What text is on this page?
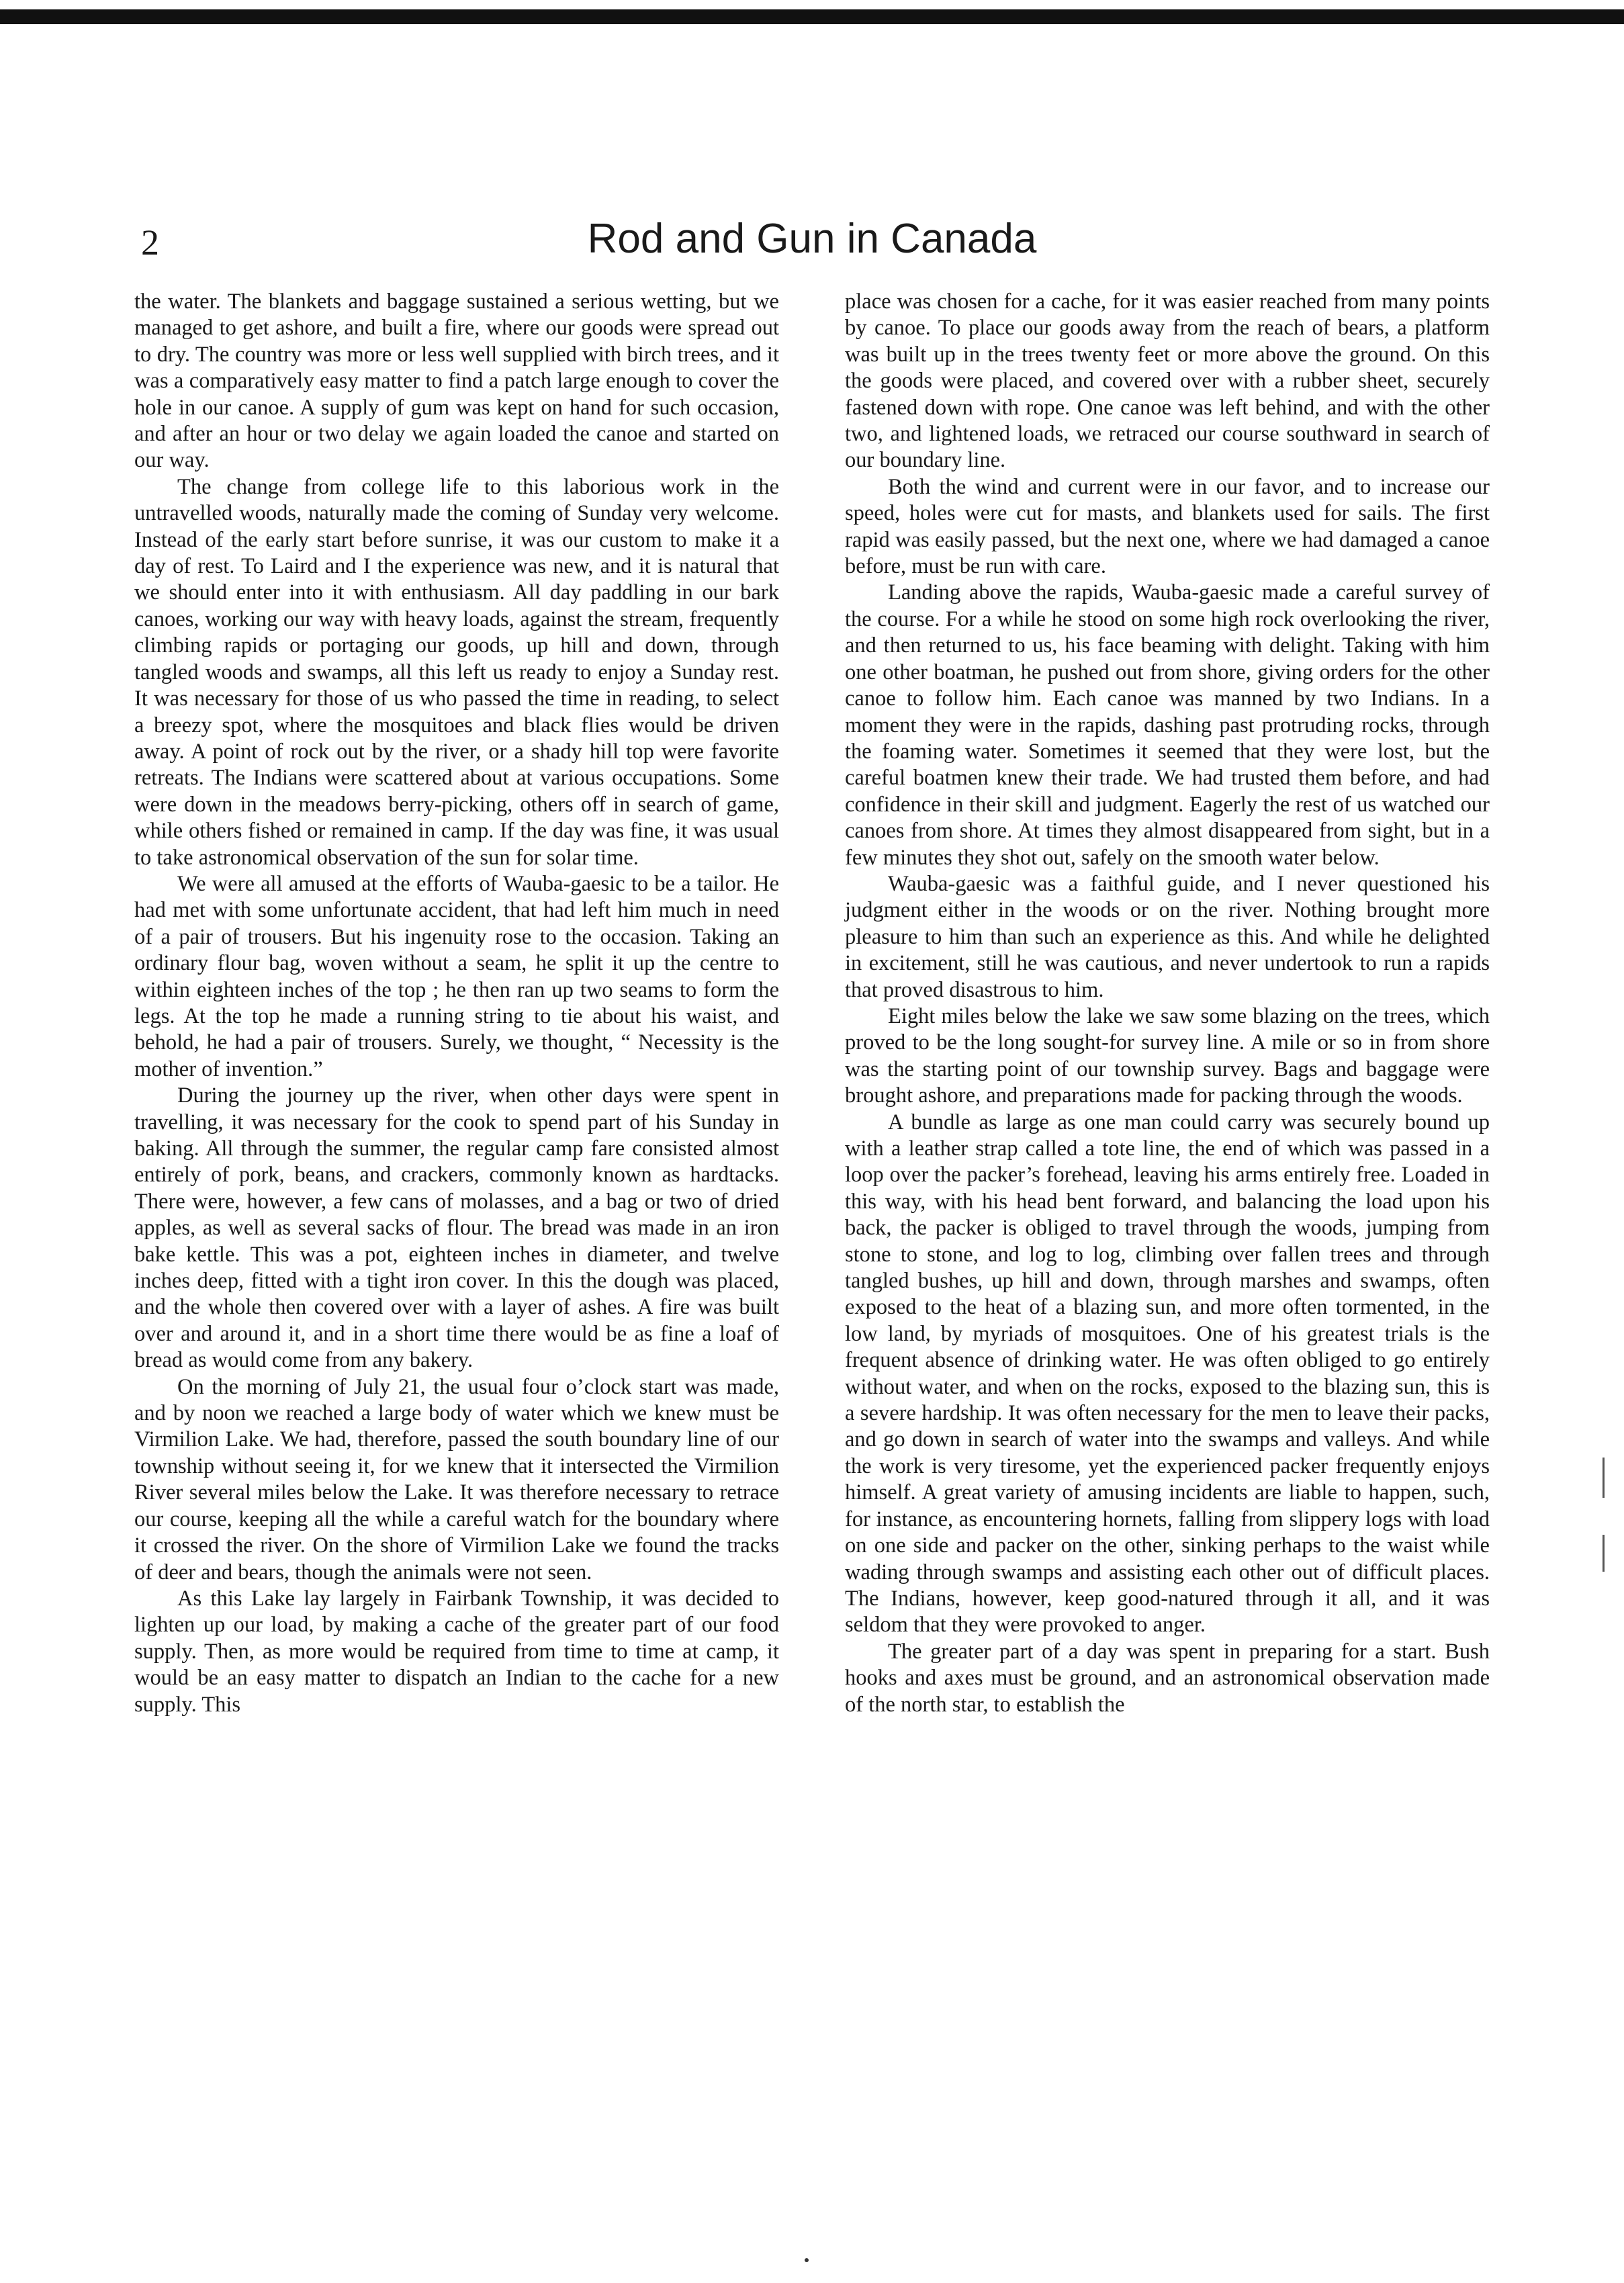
2	Rod and Gun in Canada

the water. The blankets and baggage sustained a serious wetting, but we managed to get ashore, and built a fire, where our goods were spread out to dry. The country was more or less well supplied with birch trees, and it was a comparatively easy matter to find a patch large enough to cover the hole in our canoe. A supply of gum was kept on hand for such occasion, and after an hour or two delay we again loaded the canoe and started on our way.

The change from college life to this laborious work in the untravelled woods, naturally made the coming of Sunday very welcome. Instead of the early start before sunrise, it was our custom to make it a day of rest. To Laird and I the experience was new, and it is natural that we should enter into it with enthusiasm. All day paddling in our bark canoes, working our way with heavy loads, against the stream, frequently climbing rapids or portaging our goods, up hill and down, through tangled woods and swamps, all this left us ready to enjoy a Sunday rest. It was necessary for those of us who passed the time in reading, to select a breezy spot, where the mosquitoes and black flies would be driven away. A point of rock out by the river, or a shady hill top were favorite retreats. The Indians were scattered about at various occupations. Some were down in the meadows berry-picking, others off in search of game, while others fished or remained in camp. If the day was fine, it was usual to take astronomical observation of the sun for solar time.

We were all amused at the efforts of Wauba-gaesic to be a tailor. He had met with some unfortunate accident, that had left him much in need of a pair of trousers. But his ingenuity rose to the occasion. Taking an ordinary flour bag, woven without a seam, he split it up the centre to within eighteen inches of the top ; he then ran up two seams to form the legs. At the top he made a running string to tie about his waist, and behold, he had a pair of trousers. Surely, we thought, “ Necessity is the mother of invention.”

During the journey up the river, when other days were spent in travelling, it was necessary for the cook to spend part of his Sunday in baking. All through the summer, the regular camp fare consisted almost entirely of pork, beans, and crackers, commonly known as hardtacks. There were, however, a few cans of molasses, and a bag or two of dried apples, as well as several sacks of flour. The bread was made in an iron bake kettle. This was a pot, eighteen inches in diameter, and twelve inches deep, fitted with a tight iron cover. In this the dough was placed, and the whole then covered over with a layer of ashes. A fire was built over and around it, and in a short time there would be as fine a loaf of bread as would come from any bakery.

On the morning of July 21, the usual four o’clock start was made, and by noon we reached a large body of water which we knew must be Virmilion Lake. We had, therefore, passed the south boundary line of our township without seeing it, for we knew that it intersected the Virmilion River several miles below the Lake. It was therefore necessary to retrace our course, keeping all the while a careful watch for the boundary where it crossed the river. On the shore of Virmilion Lake we found the tracks of deer and bears, though the animals were not seen.

As this Lake lay largely in Fairbank Township, it was decided to lighten up our load, by making a cache of the greater part of our food supply. Then, as more would be required from time to time at camp, it would be an easy matter to dispatch an Indian to the cache for a new supply. This

place was chosen for a cache, for it was easier reached from many points by canoe. To place our goods away from the reach of bears, a platform was built up in the trees twenty feet or more above the ground. On this the goods were placed, and covered over with a rubber sheet, securely fastened down with rope. One canoe was left behind, and with the other two, and lightened loads, we retraced our course southward in search of our boundary line.

Both the wind and current were in our favor, and to increase our speed, holes were cut for masts, and blankets used for sails. The first rapid was easily passed, but the next one, where we had damaged a canoe before, must be run with care.

Landing above the rapids, Wauba-gaesic made a careful survey of the course. For a while he stood on some high rock overlooking the river, and then returned to us, his face beaming with delight. Taking with him one other boatman, he pushed out from shore, giving orders for the other canoe to follow him. Each canoe was manned by two Indians. In a moment they were in the rapids, dashing past protruding rocks, through the foaming water. Sometimes it seemed that they were lost, but the careful boatmen knew their trade. We had trusted them before, and had confidence in their skill and judgment. Eagerly the rest of us watched our canoes from shore. At times they almost disappeared from sight, but in a few minutes they shot out, safely on the smooth water below.

Wauba-gaesic was a faithful guide, and I never questioned his judgment either in the woods or on the river. Nothing brought more pleasure to him than such an experience as this. And while he delighted in excitement, still he was cautious, and never undertook to run a rapids that proved disastrous to him.

Eight miles below the lake we saw some blazing on the trees, which proved to be the long sought-for survey line. A mile or so in from shore was the starting point of our township survey. Bags and baggage were brought ashore, and preparations made for packing through the woods.

A bundle as large as one man could carry was securely bound up with a leather strap called a tote line, the end of which was passed in a loop over the packer’s forehead, leaving his arms entirely free. Loaded in this way, with his head bent forward, and balancing the load upon his back, the packer is obliged to travel through the woods, jumping from stone to stone, and log to log, climbing over fallen trees and through tangled bushes, up hill and down, through marshes and swamps, often exposed to the heat of a blazing sun, and more often tormented, in the low land, by myriads of mosquitoes. One of his greatest trials is the frequent absence of drinking water. He was often obliged to go entirely without water, and when on the rocks, exposed to the blazing sun, this is a severe hardship. It was often necessary for the men to leave their packs, and go down in search of water into the swamps and valleys. And while the work is very tiresome, yet the experienced packer frequently enjoys himself. A great variety of amusing incidents are liable to happen, such, for instance, as encountering hornets, falling from slippery logs with load on one side and packer on the other, sinking perhaps to the waist while wading through swamps and assisting each other out of difficult places. The Indians, however, keep good-natured through it all, and it was seldom that they were provoked to anger.

The greater part of a day was spent in preparing for a start. Bush hooks and axes must be ground, and an astronomical observation made of the north star, to establish the
